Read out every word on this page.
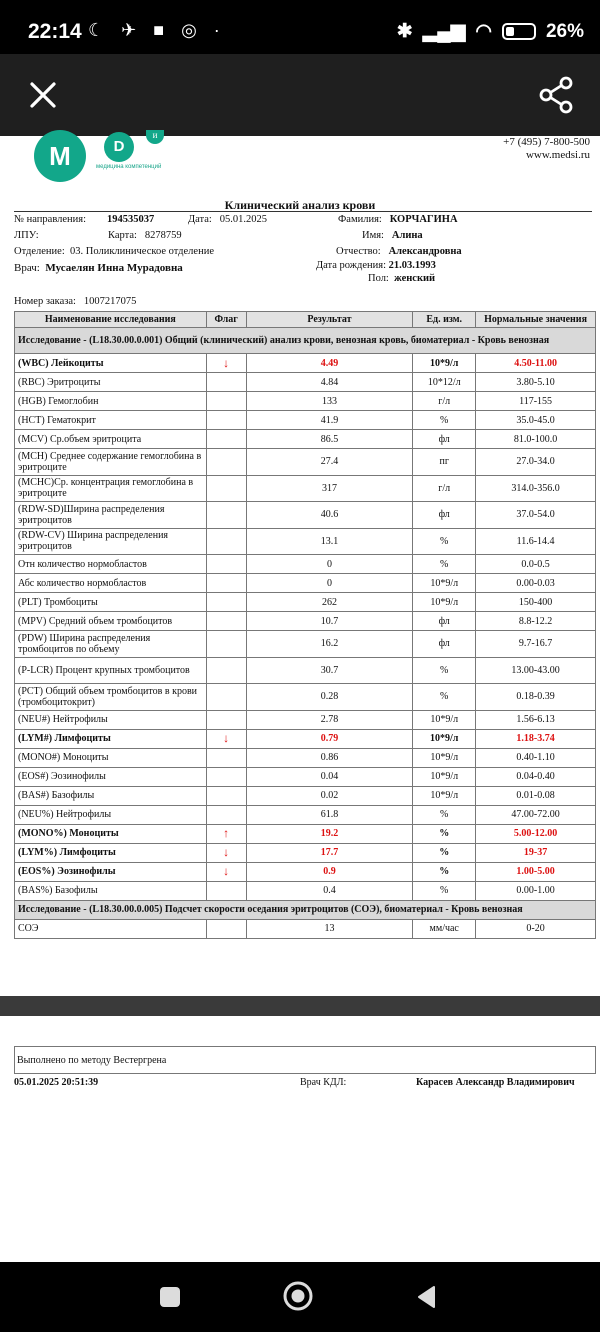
22:14 ☾ ✈ ■ ◎ ·	✱ ▂▄▆ ◠	26%
M	D
и
медицина компетенций
+7 (495) 7-800-500
www.medsi.ru
Клинический анализ крови
№ направления: 194535037	Дата: 05.01.2025	Фамилия: КОРЧАГИНА
ЛПУ:	Карта: 8278759	Имя: Алина
Отделение: 03. Поликлиническое отделение	Отчество: Александровна
Врач: Мусаелян Инна Мурадовна	Дата рождения: 21.03.1993
Пол: женский
Номер заказа: 1007217075
Наименование исследования	Флаг	Результат	Ед. изм.	Нормальные значения
Исследование - (L18.30.00.0.001) Общий (клинический) анализ крови, венозная кровь, биоматериал - Кровь венозная				
(WBC) Лейкоциты	↓	4.49	10*9/л	4.50-11.00
(RBC) Эритроциты		4.84	10*12/л	3.80-5.10
(HGB) Гемоглобин		133	г/л	117-155
(HCT) Гематокрит		41.9	%	35.0-45.0
(MCV) Ср.объем эритроцита		86.5	фл	81.0-100.0
(MCH) Среднее содержание гемоглобина в эритроците		27.4	пг	27.0-34.0
(MCHC)Ср. концентрация гемоглобина в эритроците		317	г/л	314.0-356.0
(RDW-SD)Ширина распределения эритроцитов		40.6	фл	37.0-54.0
(RDW-CV) Ширина распределения эритроцитов		13.1	%	11.6-14.4
Отн количество нормобластов		0	%	0.0-0.5
Абс количество нормобластов		0	10*9/л	0.00-0.03
(PLT) Тромбоциты		262	10*9/л	150-400
(MPV) Средний объем тромбоцитов		10.7	фл	8.8-12.2
(PDW) Ширина распределения тромбоцитов по объему		16.2	фл	9.7-16.7
(P-LCR) Процент крупных тромбоцитов		30.7	%	13.00-43.00
(PCT) Общий объем тромбоцитов в крови (тромбоцитокрит)		0.28	%	0.18-0.39
(NEU#) Нейтрофилы		2.78	10*9/л	1.56-6.13
(LYM#) Лимфоциты	↓	0.79	10*9/л	1.18-3.74
(MONO#) Моноциты		0.86	10*9/л	0.40-1.10
(EOS#) Эозинофилы		0.04	10*9/л	0.04-0.40
(BAS#) Базофилы		0.02	10*9/л	0.01-0.08
(NEU%) Нейтрофилы		61.8	%	47.00-72.00
(MONO%) Моноциты	↑	19.2	%	5.00-12.00
(LYM%) Лимфоциты	↓	17.7	%	19-37
(EOS%) Эозинофилы	↓	0.9	%	1.00-5.00
(BAS%) Базофилы		0.4	%	0.00-1.00
Исследование - (L18.30.00.0.005) Подсчет скорости оседания эритроцитов (СОЭ), биоматериал - Кровь венозная				
СОЭ		13	мм/час	0-20
Выполнено по методу Вестергрена
05.01.2025 20:51:39	Врач КДЛ:	Карасев Александр Владимирович
